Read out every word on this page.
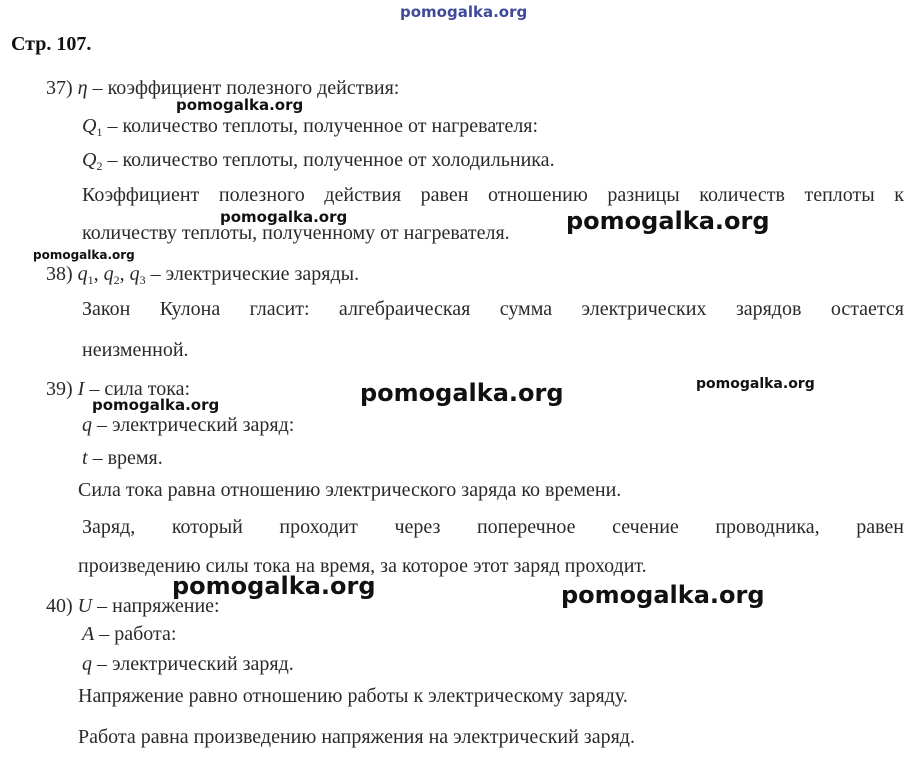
Стр. 107.
37) η – коэффициент полезного действия:
$Q_1$ – количество теплоты, полученное от нагревателя:
$Q_2$ – количество теплоты, полученное от холодильника.
Коэффициент полезного действия равен отношению разницы количеств теплоты к
количеству теплоты, полученному от нагревателя.
38) $q_1$, $q_2$, $q_3$ – электрические заряды.
Закон Кулона гласит: алгебраическая сумма электрических зарядов остается
неизменной.
39) I – сила тока:
q – электрический заряд:
t – время.
Сила тока равна отношению электрического заряда ко времени.
Заряд, который проходит через поперечное сечение проводника, равен
произведению силы тока на время, за которое этот заряд проходит.
40) U – напряжение:
A – работа:
q – электрический заряд.
Напряжение равно отношению работы к электрическому заряду.
Работа равна произведению напряжения на электрический заряд.
pomogalka.org
pomogalka.org
pomogalka.org	pomogalka.org
pomogalka.org
pomogalka.org	pomogalka.org
pomogalka.org
pomogalka.org	pomogalka.org
